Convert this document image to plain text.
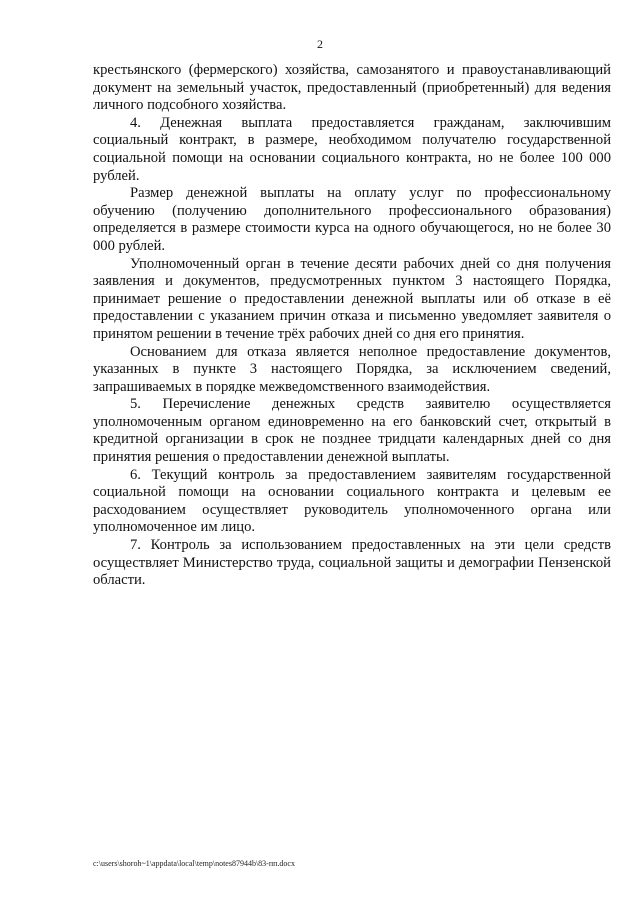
2

крестьянского (фермерского) хозяйства, самозанятого и правоустанавливающий документ на земельный участок, предоставленный (приобретенный) для ведения личного подсобного хозяйства.

4. Денежная выплата предоставляется гражданам, заключившим социальный контракт, в размере, необходимом получателю государственной социальной помощи на основании социального контракта, но не более 100 000 рублей.

Размер денежной выплаты на оплату услуг по профессиональному обучению (получению дополнительного профессионального образования) определяется в размере стоимости курса на одного обучающегося, но не более 30 000 рублей.

Уполномоченный орган в течение десяти рабочих дней со дня получения заявления и документов, предусмотренных пунктом 3 настоящего Порядка, принимает решение о предоставлении денежной выплаты или об отказе в её предоставлении с указанием причин отказа и письменно уведомляет заявителя о принятом решении в течение трёх рабочих дней со дня его принятия.

Основанием для отказа является неполное предоставление документов, указанных в пункте 3 настоящего Порядка, за исключением сведений, запрашиваемых в порядке межведомственного взаимодействия.

5. Перечисление денежных средств заявителю осуществляется уполномоченным органом единовременно на его банковский счет, открытый в кредитной организации в срок не позднее тридцати календарных дней со дня принятия решения о предоставлении денежной выплаты.

6. Текущий контроль за предоставлением заявителям государственной социальной помощи на основании социального контракта и целевым ее расходованием осуществляет руководитель уполномоченного органа или уполномоченное им лицо.

7. Контроль за использованием предоставленных на эти цели средств осуществляет Министерство труда, социальной защиты и демографии Пензенской области.

c:\users\shoroh~1\appdata\local\temp\notes87944b\83-пп.docx
